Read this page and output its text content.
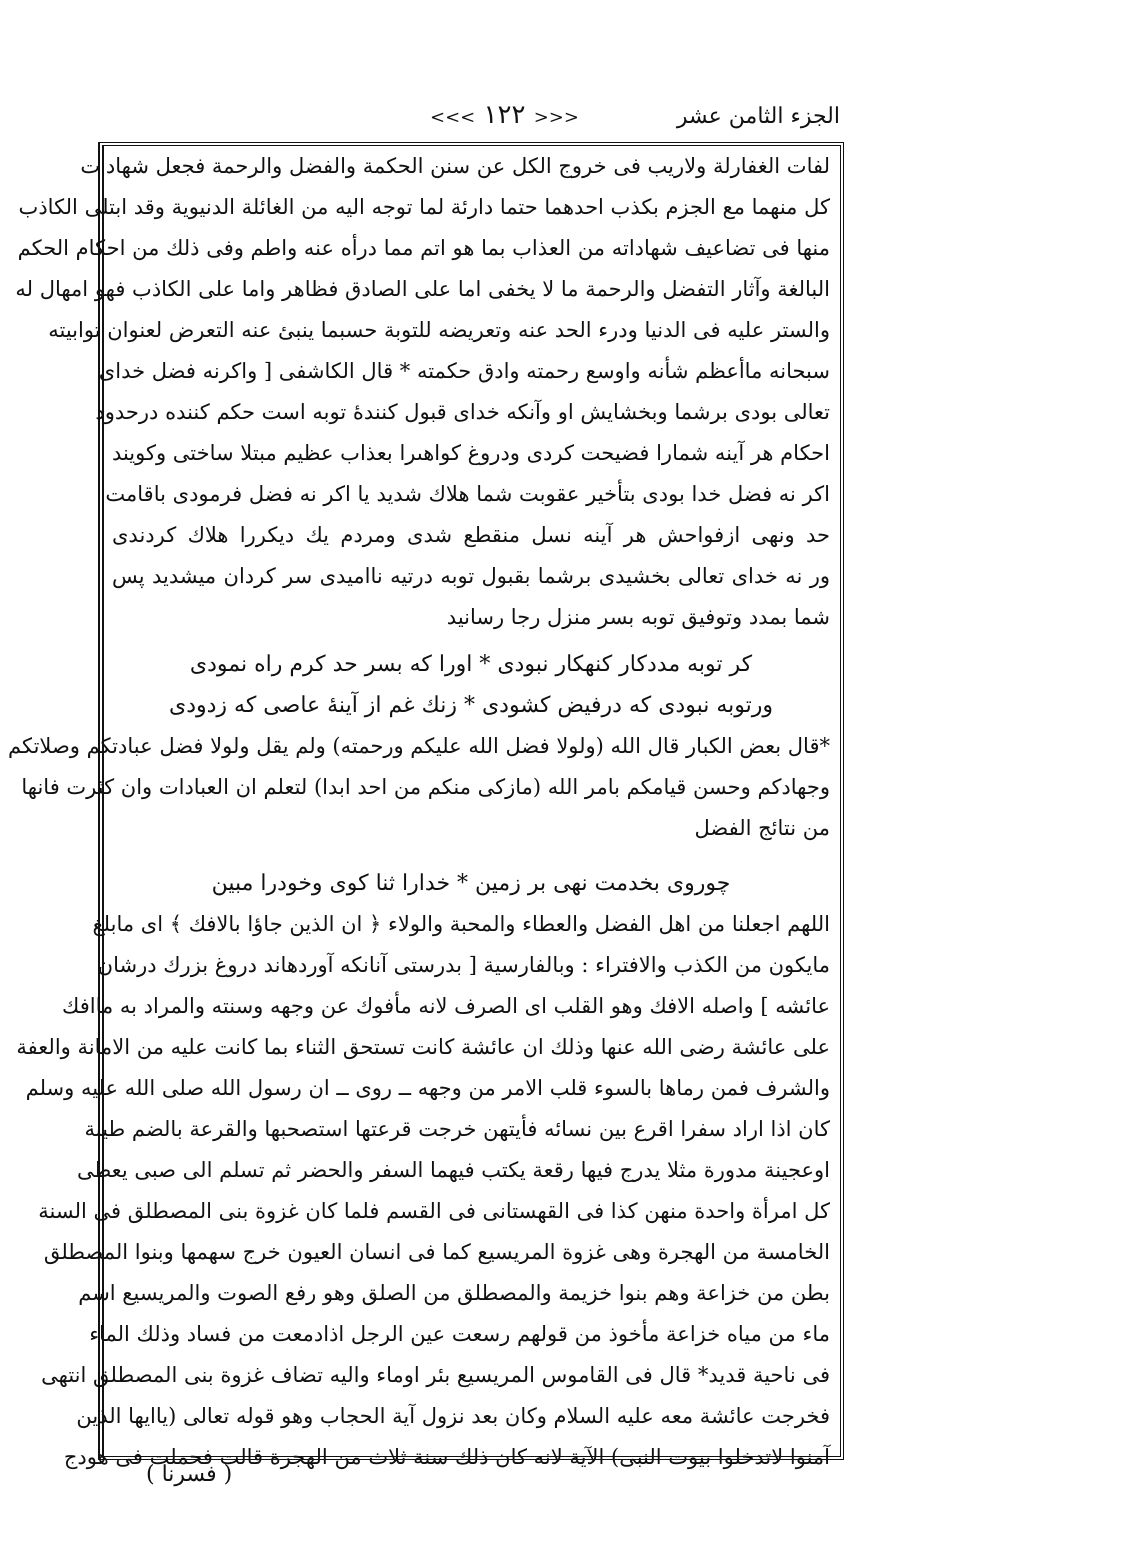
الجزء الثامن عشر
<<< ١٢٢ >>>
لفات الغفارلة ولاريب فى خروج الكل عن سنن الحكمة والفضل والرحمة فجعل شهادات
كل منهما مع الجزم بكذب احدهما حتما دارئة لما توجه اليه من الغائلة الدنيوية وقد ابتلى الكاذب
منها فى تضاعيف شهاداته من العذاب بما هو اتم مما درأه عنه واطم وفى ذلك من احكام الحكم
البالغة وآثار التفضل والرحمة ما لا يخفى اما على الصادق فظاهر واما على الكاذب فهو امهال له
والستر عليه فى الدنيا ودرء الحد عنه وتعريضه للتوبة حسبما ينبئ عنه التعرض لعنوان توابيته
سبحانه ماأعظم شأنه واوسع رحمته وادق حكمته * قال الكاشفى [ واكرنه فضل خداى
تعالى بودى برشما وبخشايش او وآنكه خداى قبول كنندهٔ توبه است حكم كننده درحدود
احكام هر آينه شمارا فضيحت كردى ودروغ كواهىرا بعذاب عظيم مبتلا ساختى وكويند
اكر نه فضل خدا بودى بتأخير عقوبت شما هلاك شديد يا اكر نه فضل فرمودى باقامت
حد ونهى ازفواحش هر آينه نسل منقطع شدى ومردم يك ديكررا هلاك كردندى
ور نه خداى تعالى بخشيدى برشما بقبول توبه درتيه نااميدى سر كردان ميشديد پس
شما بمدد وتوفيق توبه بسر منزل رجا رسانيد
كر توبه مددكار كنهكار نبودى * اورا كه بسر حد كرم راه نمودى
ورتوبه نبودى كه درفيض كشودى * زنك غم از آينهٔ عاصى كه زدودى
*قال بعض الكبار قال الله (ولولا فضل الله عليكم ورحمته) ولم يقل ولولا فضل عبادتكم وصلاتكم
وجهادكم وحسن قيامكم بامر الله (مازكى منكم من احد ابدا) لتعلم ان العبادات وان كثرت فانها
من نتائج الفضل
چوروى بخدمت نهى بر زمين * خدارا ثنا كوى وخودرا مبين
اللهم اجعلنا من اهل الفضل والعطاء والمحبة والولاء ﴿ ان الذين جاؤا بالافك ﴾ اى مابلغ
مايكون من الكذب والافتراء : وبالفارسية [ بدرستى آنانكه آوردهاند دروغ بزرك درشان
عائشه ] واصله الافك وهو القلب اى الصرف لانه مأفوك عن وجهه وسنته والمراد به ماافك
على عائشة رضى الله عنها وذلك ان عائشة كانت تستحق الثناء بما كانت عليه من الامانة والعفة
والشرف فمن رماها بالسوء قلب الامر من وجهه ــ روى ــ ان رسول الله صلى الله عليه وسلم
كان اذا اراد سفرا اقرع بين نسائه فأيتهن خرجت قرعتها استصحبها والقرعة بالضم طينة
اوعجينة مدورة مثلا يدرج فيها رقعة يكتب فيهما السفر والحضر ثم تسلم الى صبى يعطى
كل امرأة واحدة منهن كذا فى القهستانى فى القسم فلما كان غزوة بنى المصطلق فى السنة
الخامسة من الهجرة وهى غزوة المريسيع كما فى انسان العيون خرج سهمها وبنوا المصطلق
بطن من خزاعة وهم بنوا خزيمة والمصطلق من الصلق وهو رفع الصوت والمريسيع اسم
ماء من مياه خزاعة مأخوذ من قولهم رسعت عين الرجل اذادمعت من فساد وذلك الماء
فى ناحية قديد* قال فى القاموس المريسيع بئر اوماء واليه تضاف غزوة بنى المصطلق انتهى
فخرجت عائشة معه عليه السلام وكان بعد نزول آية الحجاب وهو قوله تعالى (ياايها الذين
آمنوا لاتدخلوا بيوت النبى) الآية لانه كان ذلك سنة ثلاث من الهجرة قالت فحملت فى هودج
( فسرنا )
